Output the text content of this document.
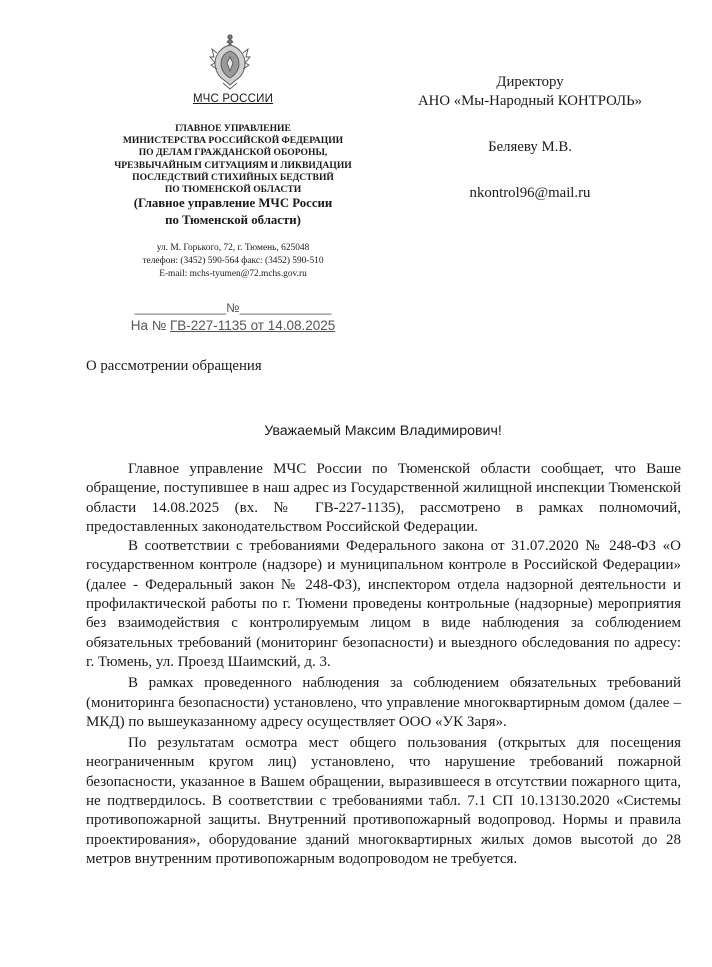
МЧС РОССИИ
ГЛАВНОЕ УПРАВЛЕНИЕ
МИНИСТЕРСТВА РОССИЙСКОЙ ФЕДЕРАЦИИ
ПО ДЕЛАМ ГРАЖДАНСКОЙ ОБОРОНЫ,
ЧРЕЗВЫЧАЙНЫМ СИТУАЦИЯМ И ЛИКВИДАЦИИ
ПОСЛЕДСТВИЙ СТИХИЙНЫХ БЕДСТВИЙ
ПО ТЮМЕНСКОЙ ОБЛАСТИ
(Главное управление МЧС России
по Тюменской области)
ул. М. Горького, 72, г. Тюмень, 625048
телефон: (3452) 590-564 факс: (3452) 590-510
E-mail: mchs-tyumen@72.mchs.gov.ru
_____________№_____________
На № ГВ-227-1135 от 14.08.2025
Директору
АНО «Мы-Народный КОНТРОЛЬ»
Беляеву М.В.
nkontrol96@mail.ru
О рассмотрении обращения
Уважаемый Максим Владимирович!

Главное управление МЧС России по Тюменской области сообщает, что Ваше обращение, поступившее в наш адрес из Государственной жилищной инспекции Тюменской области 14.08.2025 (вх. № ГВ-227-1135), рассмотрено в рамках полномочий, предоставленных законодательством Российской Федерации.

В соответствии с требованиями Федерального закона от 31.07.2020 № 248-ФЗ «О государственном контроле (надзоре) и муниципальном контроле в Российской Федерации» (далее - Федеральный закон № 248-ФЗ), инспектором отдела надзорной деятельности и профилактической работы по г. Тюмени проведены контрольные (надзорные) мероприятия без взаимодействия с контролируемым лицом в виде наблюдения за соблюдением обязательных требований (мониторинг безопасности) и выездного обследования по адресу: г. Тюмень, ул. Проезд Шаимский, д. 3.

В рамках проведенного наблюдения за соблюдением обязательных требований (мониторинга безопасности) установлено, что управление многоквартирным домом (далее – МКД) по вышеуказанному адресу осуществляет ООО «УК Заря».

По результатам осмотра мест общего пользования (открытых для посещения неограниченным кругом лиц) установлено, что нарушение требований пожарной безопасности, указанное в Вашем обращении, выразившееся в отсутствии пожарного щита, не подтвердилось. В соответствии с требованиями табл. 7.1 СП 10.13130.2020 «Системы противопожарной защиты. Внутренний противопожарный водопровод. Нормы и правила проектирования», оборудование зданий многоквартирных жилых домов высотой до 28 метров внутренним противопожарным водопроводом не требуется.
